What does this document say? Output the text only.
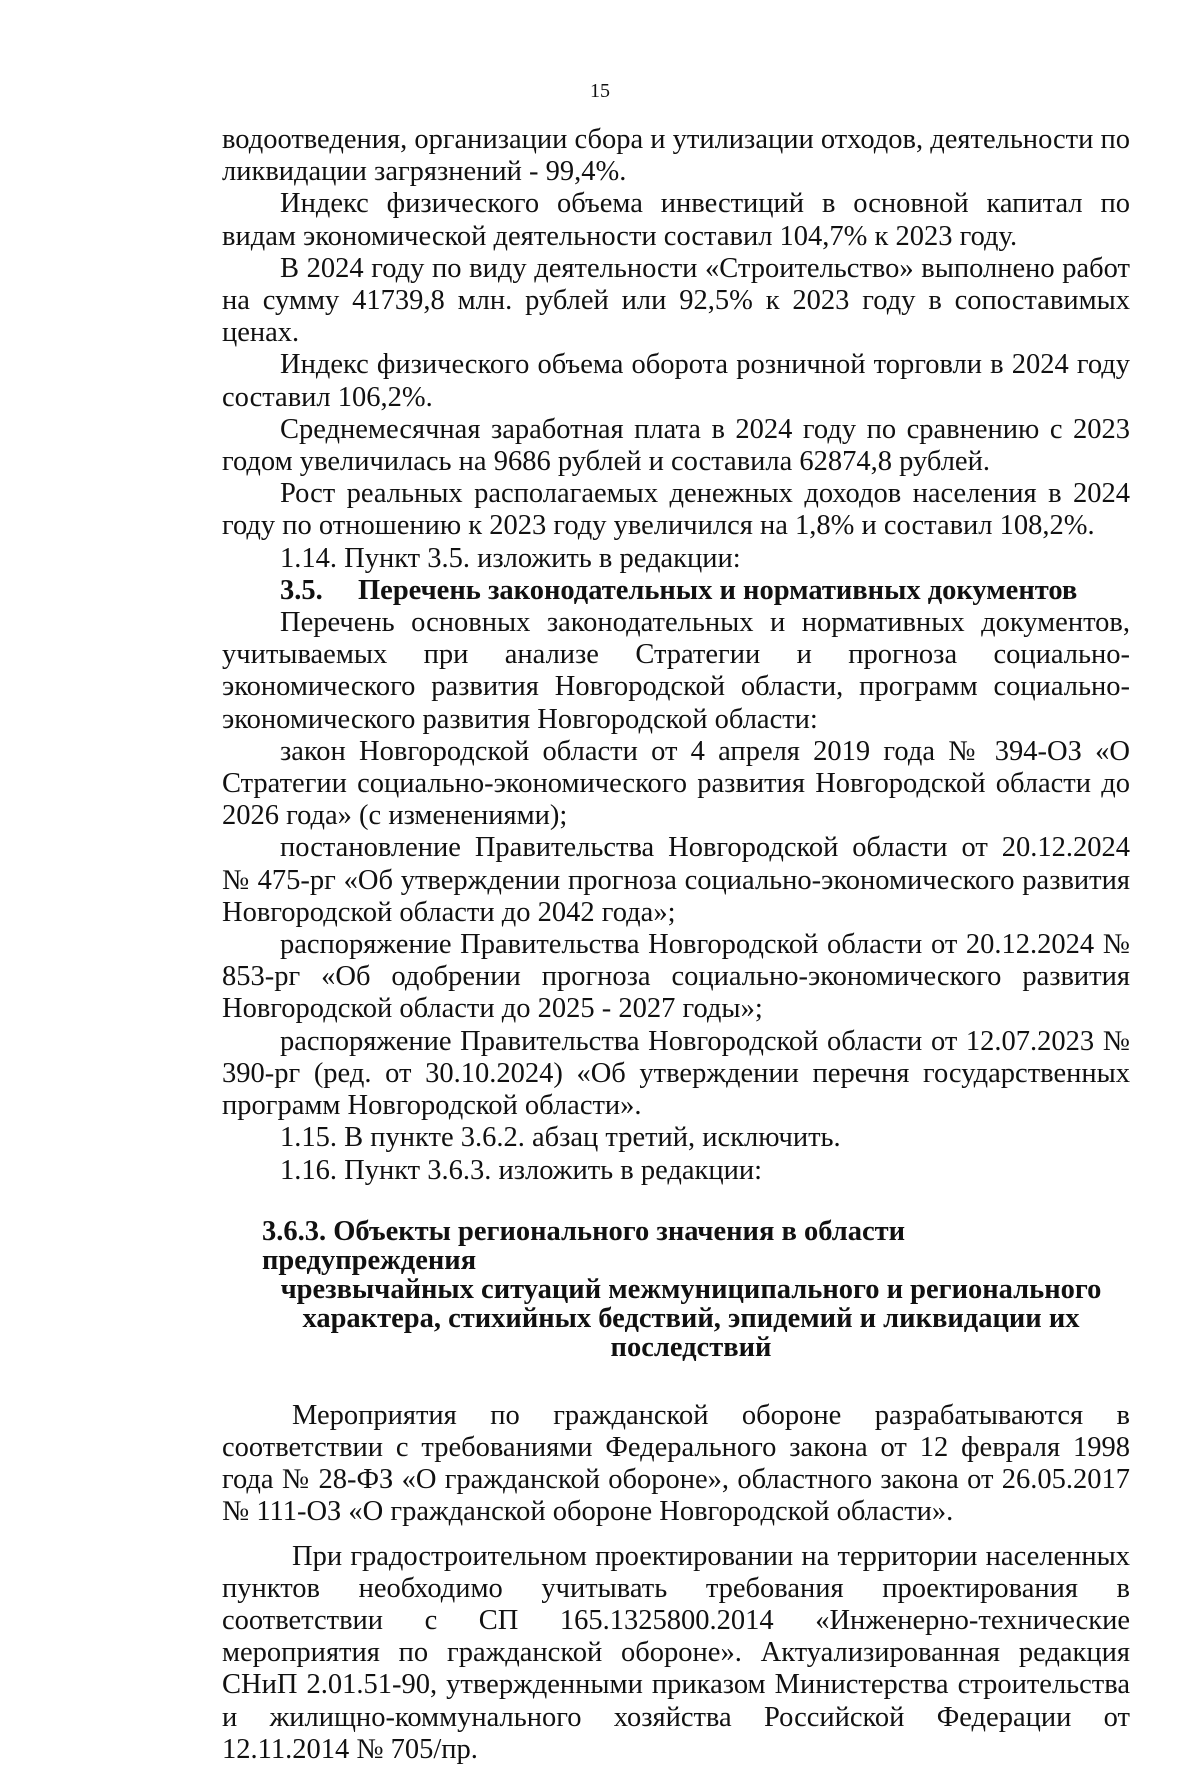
15

водоотведения, организации сбора и утилизации отходов, деятельности по ликвидации загрязнений - 99,4%.

Индекс физического объема инвестиций в основной капитал по видам экономической деятельности составил 104,7% к 2023 году.

В 2024 году по виду деятельности «Строительство» выполнено работ на сумму 41739,8 млн. рублей или 92,5% к 2023 году в сопоставимых ценах.

Индекс физического объема оборота розничной торговли в 2024 году составил 106,2%.

Среднемесячная заработная плата в 2024 году по сравнению с 2023 годом увеличилась на 9686 рублей и составила 62874,8 рублей.

Рост реальных располагаемых денежных доходов населения в 2024 году по отношению к 2023 году увеличился на 1,8% и составил 108,2%.

1.14. Пункт 3.5. изложить в редакции:

3.5. Перечень законодательных и нормативных документов

Перечень основных законодательных и нормативных документов, учитываемых при анализе Стратегии и прогноза социально-экономического развития Новгородской области, программ социально-экономического развития Новгородской области:

закон Новгородской области от 4 апреля 2019 года № 394-ОЗ «О Стратегии социально-экономического развития Новгородской области до 2026 года» (с изменениями);

постановление Правительства Новгородской области от 20.12.2024 № 475-рг «Об утверждении прогноза социально-экономического развития Новгородской области до 2042 года»;

распоряжение Правительства Новгородской области от 20.12.2024 № 853-рг «Об одобрении прогноза социально-экономического развития Новгородской области до 2025 - 2027 годы»;

распоряжение Правительства Новгородской области от 12.07.2023 № 390-рг (ред. от 30.10.2024) «Об утверждении перечня государственных программ Новгородской области».

1.15. В пункте 3.6.2. абзац третий, исключить.

1.16. Пункт 3.6.3. изложить в редакции:

3.6.3. Объекты регионального значения в области предупреждения
чрезвычайных ситуаций межмуниципального и регионального характера, стихийных бедствий, эпидемий и ликвидации их последствий

Мероприятия по гражданской обороне разрабатываются в соответствии с требованиями Федерального закона от 12 февраля 1998 года № 28-ФЗ «О гражданской обороне», областного закона от 26.05.2017 № 111-ОЗ «О гражданской обороне Новгородской области».

При градостроительном проектировании на территории населенных пунктов необходимо учитывать требования проектирования в соответствии с СП 165.1325800.2014 «Инженерно-технические мероприятия по гражданской обороне». Актуализированная редакция СНиП 2.01.51-90, утвержденными приказом Министерства строительства и жилищно-коммунального хозяйства Российской Федерации от 12.11.2014 № 705/пр.
